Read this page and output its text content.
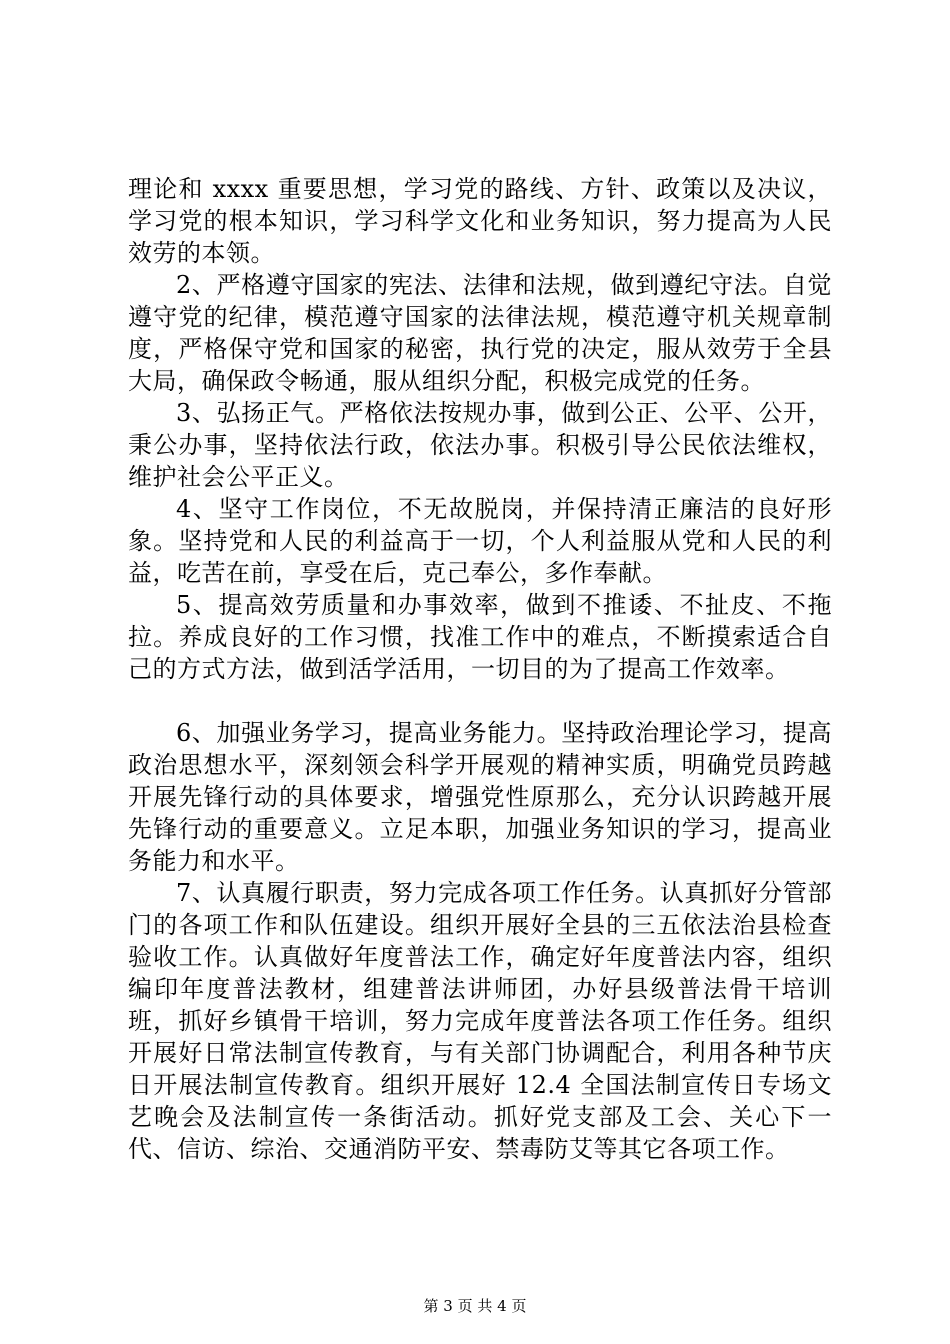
理论和 xxxx 重要思想，学习党的路线、方针、政策以及决议，学习党的根本知识，学习科学文化和业务知识，努力提高为人民效劳的本领。

2、严格遵守国家的宪法、法律和法规，做到遵纪守法。自觉遵守党的纪律，模范遵守国家的法律法规，模范遵守机关规章制度，严格保守党和国家的秘密，执行党的决定，服从效劳于全县大局，确保政令畅通，服从组织分配，积极完成党的任务。

3、弘扬正气。严格依法按规办事，做到公正、公平、公开，秉公办事，坚持依法行政，依法办事。积极引导公民依法维权，维护社会公平正义。

4、坚守工作岗位，不无故脱岗，并保持清正廉洁的良好形象。坚持党和人民的利益高于一切，个人利益服从党和人民的利益，吃苦在前，享受在后，克己奉公，多作奉献。

5、提高效劳质量和办事效率，做到不推诿、不扯皮、不拖拉。养成良好的工作习惯，找准工作中的难点，不断摸索适合自己的方式方法，做到活学活用，一切目的为了提高工作效率。

6、加强业务学习，提高业务能力。坚持政治理论学习，提高政治思想水平，深刻领会科学开展观的精神实质，明确党员跨越开展先锋行动的具体要求，增强党性原那么，充分认识跨越开展先锋行动的重要意义。立足本职，加强业务知识的学习，提高业务能力和水平。

7、认真履行职责，努力完成各项工作任务。认真抓好分管部门的各项工作和队伍建设。组织开展好全县的三五依法治县检查验收工作。认真做好年度普法工作，确定好年度普法内容，组织编印年度普法教材，组建普法讲师团，办好县级普法骨干培训班，抓好乡镇骨干培训，努力完成年度普法各项工作任务。组织开展好日常法制宣传教育，与有关部门协调配合，利用各种节庆日开展法制宣传教育。组织开展好 12.4 全国法制宣传日专场文艺晚会及法制宣传一条街活动。抓好党支部及工会、关心下一代、信访、综治、交通消防平安、禁毒防艾等其它各项工作。

第 3 页 共 4 页
